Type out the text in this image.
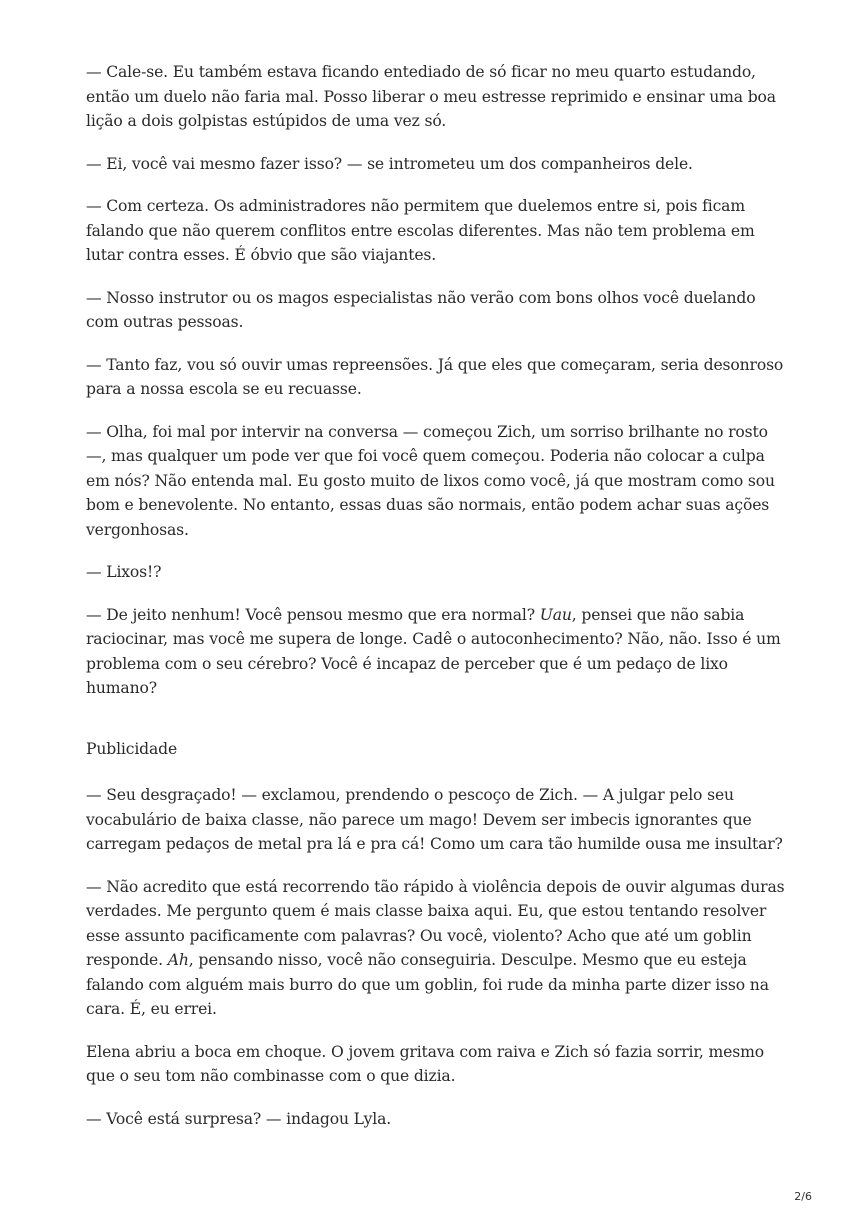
— Cale-se. Eu também estava ficando entediado de só ficar no meu quarto estudando, então um duelo não faria mal. Posso liberar o meu estresse reprimido e ensinar uma boa lição a dois golpistas estúpidos de uma vez só.

— Ei, você vai mesmo fazer isso? — se intrometeu um dos companheiros dele.

— Com certeza. Os administradores não permitem que duelemos entre si, pois ficam falando que não querem conflitos entre escolas diferentes. Mas não tem problema em lutar contra esses. É óbvio que são viajantes.

— Nosso instrutor ou os magos especialistas não verão com bons olhos você duelando com outras pessoas.

— Tanto faz, vou só ouvir umas repreensões. Já que eles que começaram, seria desonroso para a nossa escola se eu recuasse.

— Olha, foi mal por intervir na conversa — começou Zich, um sorriso brilhante no rosto —, mas qualquer um pode ver que foi você quem começou. Poderia não colocar a culpa em nós? Não entenda mal. Eu gosto muito de lixos como você, já que mostram como sou bom e benevolente. No entanto, essas duas são normais, então podem achar suas ações vergonhosas.

— Lixos!?

— De jeito nenhum! Você pensou mesmo que era normal? Uau, pensei que não sabia raciocinar, mas você me supera de longe. Cadê o autoconhecimento? Não, não. Isso é um problema com o seu cérebro? Você é incapaz de perceber que é um pedaço de lixo humano?

Publicidade

— Seu desgraçado! — exclamou, prendendo o pescoço de Zich. — A julgar pelo seu vocabulário de baixa classe, não parece um mago! Devem ser imbecis ignorantes que carregam pedaços de metal pra lá e pra cá! Como um cara tão humilde ousa me insultar?

— Não acredito que está recorrendo tão rápido à violência depois de ouvir algumas duras verdades. Me pergunto quem é mais classe baixa aqui. Eu, que estou tentando resolver esse assunto pacificamente com palavras? Ou você, violento? Acho que até um goblin responde. Ah, pensando nisso, você não conseguiria. Desculpe. Mesmo que eu esteja falando com alguém mais burro do que um goblin, foi rude da minha parte dizer isso na cara. É, eu errei.

Elena abriu a boca em choque. O jovem gritava com raiva e Zich só fazia sorrir, mesmo que o seu tom não combinasse com o que dizia.

— Você está surpresa? — indagou Lyla.

2/6
